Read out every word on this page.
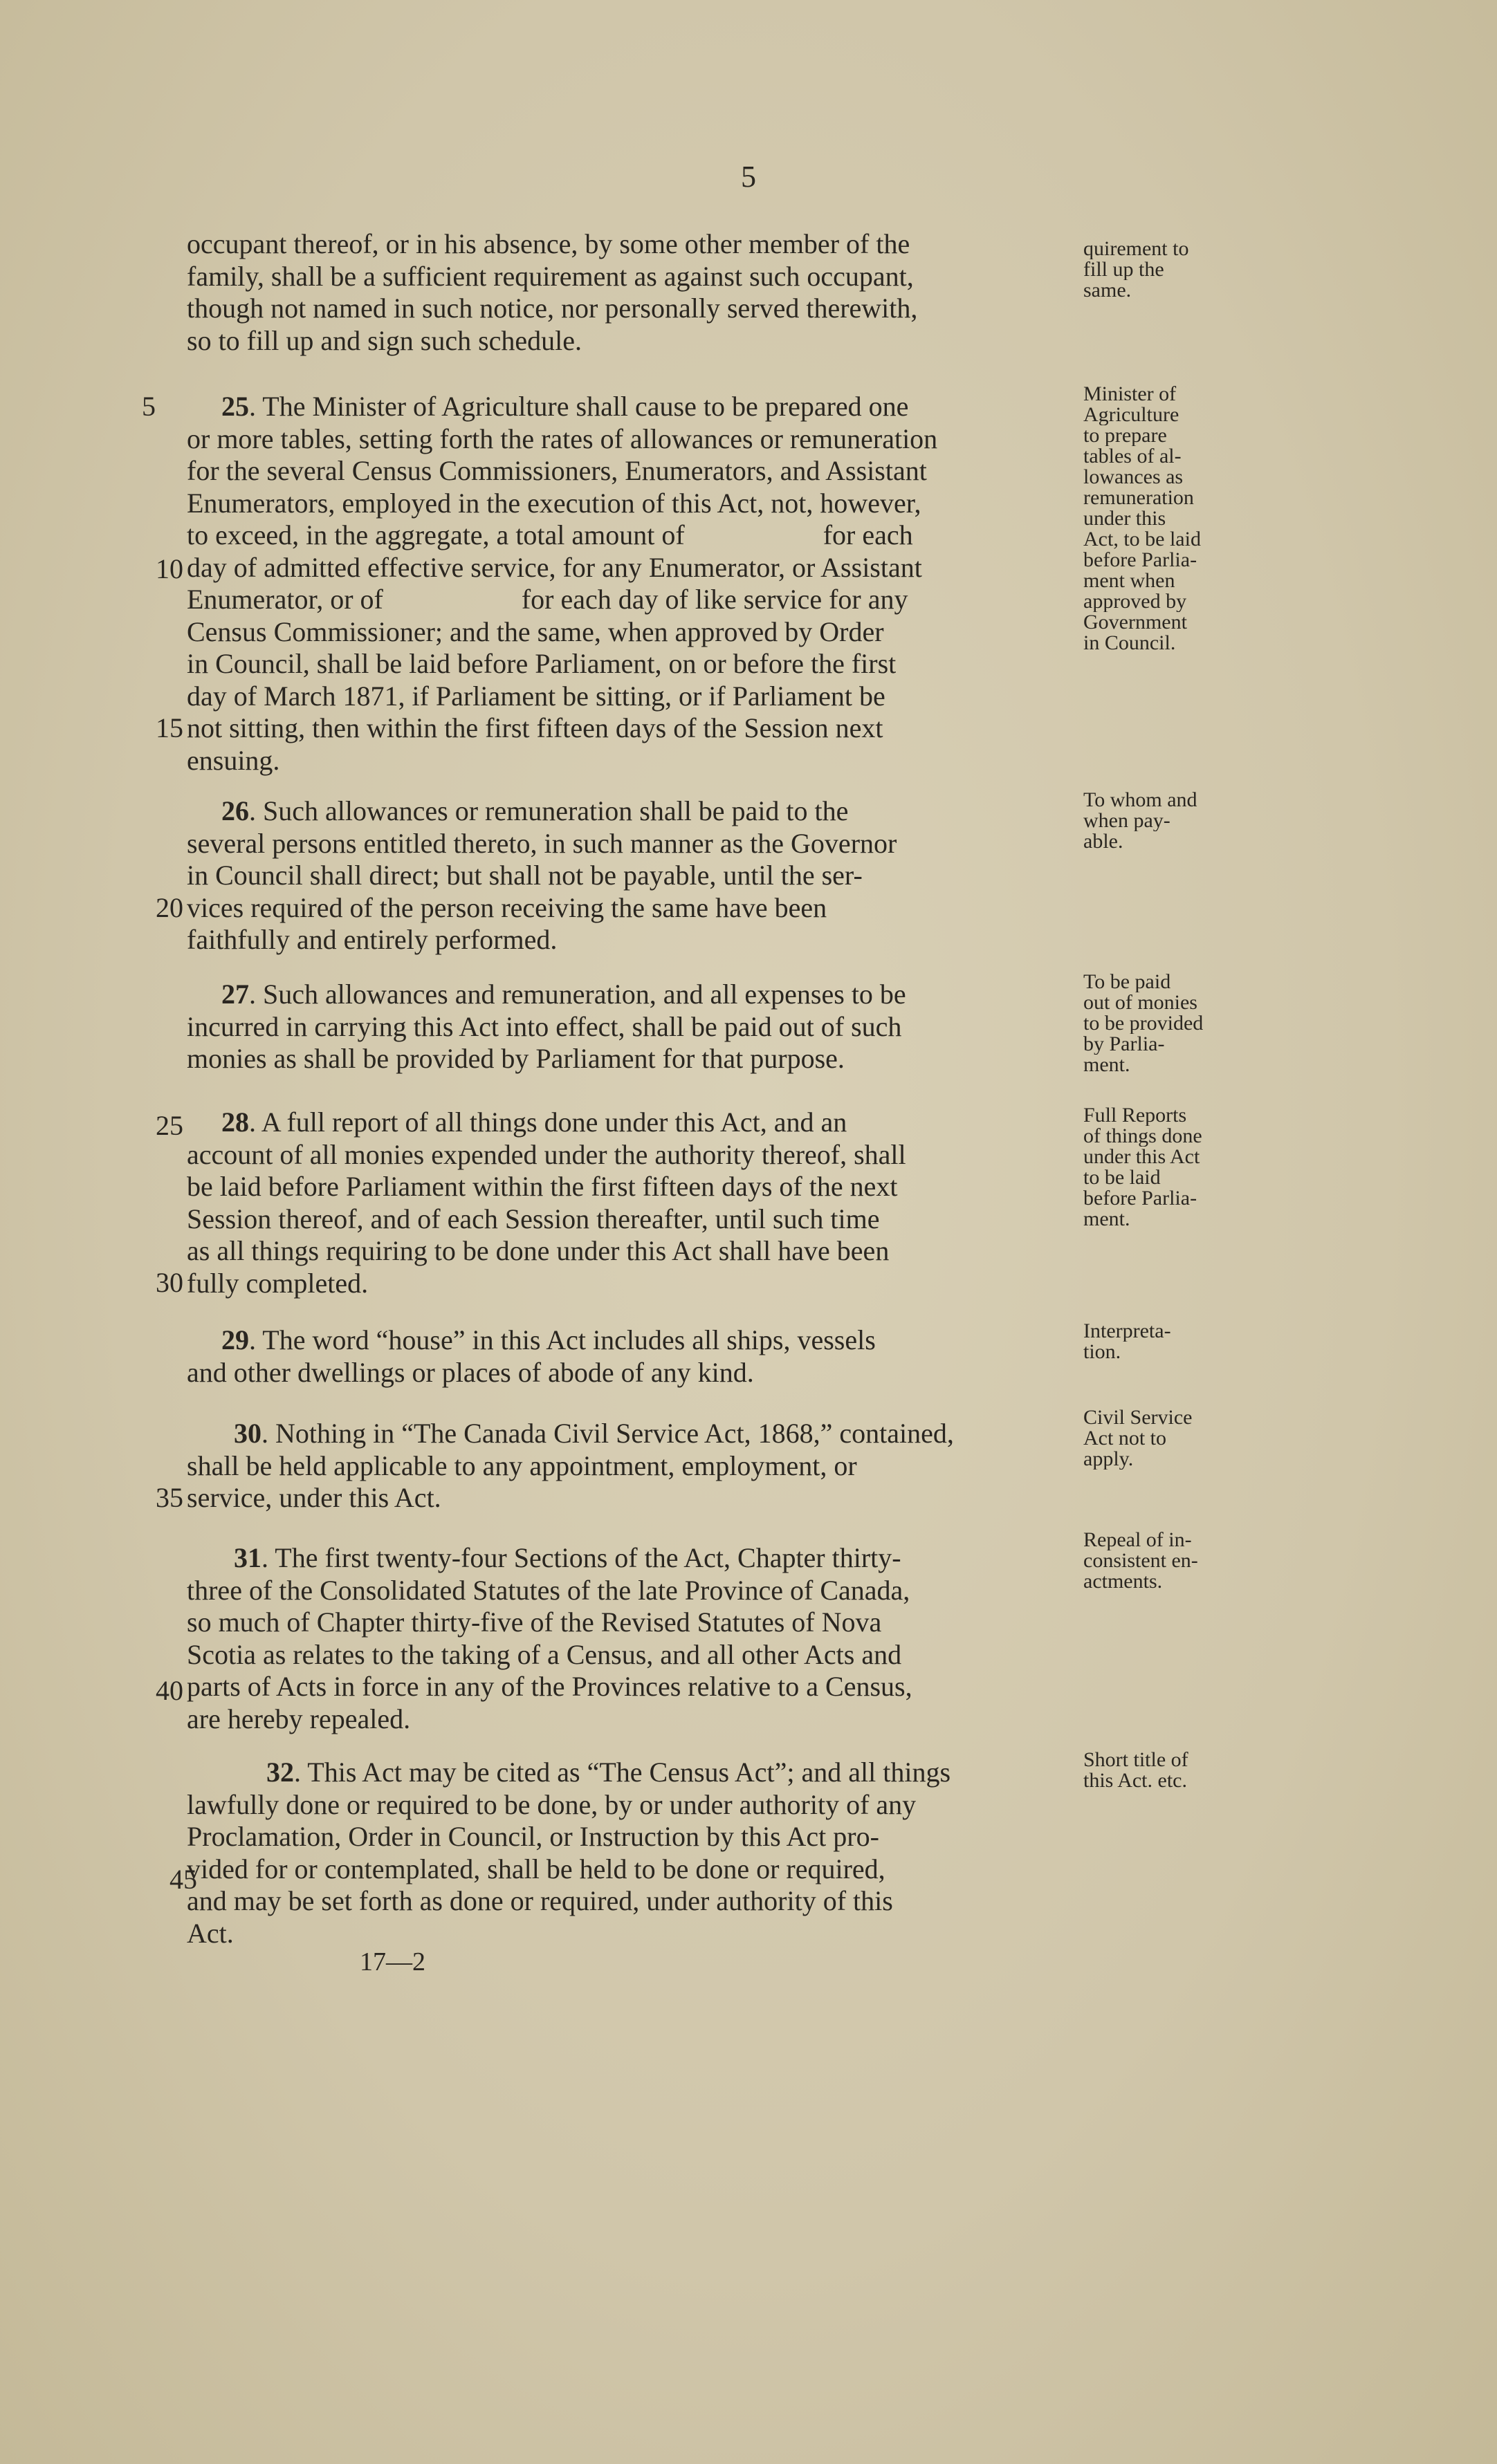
5
occupant thereof, or in his absence, by some other member of the
family, shall be a sufficient requirement as against such occupant,
though not named in such notice, nor personally served therewith,
so to fill up and sign such schedule.
quirement to
fill up the
same.
25. The Minister of Agriculture shall cause to be prepared one
or more tables, setting forth the rates of allowances or remuneration
for the several Census Commissioners, Enumerators, and Assistant
Enumerators, employed in the execution of this Act, not, however,
to exceed, in the aggregate, a total amount of                    for each
day of admitted effective service, for any Enumerator, or Assistant
Enumerator, or of                    for each day of like service for any
Census Commissioner; and the same, when approved by Order
in Council, shall be laid before Parliament, on or before the first
day of March 1871, if Parliament be sitting, or if Parliament be
not sitting, then within the first fifteen days of the Session next
ensuing.
Minister of
Agriculture
to prepare
tables of al-
lowances as
remuneration
under this
Act, to be laid
before Parlia-
ment when
approved by
Government
in Council.
26. Such allowances or remuneration shall be paid to the
several persons entitled thereto, in such manner as the Governor
in Council shall direct; but shall not be payable, until the ser-
vices required of the person receiving the same have been
faithfully and entirely performed.
To whom and
when pay-
able.
27. Such allowances and remuneration, and all expenses to be
incurred in carrying this Act into effect, shall be paid out of such
monies as shall be provided by Parliament for that purpose.
To be paid
out of monies
to be provided
by Parlia-
ment.
28. A full report of all things done under this Act, and an
account of all monies expended under the authority thereof, shall
be laid before Parliament within the first fifteen days of the next
Session thereof, and of each Session thereafter, until such time
as all things requiring to be done under this Act shall have been
fully completed.
Full Reports
of things done
under this Act
to be laid
before Parlia-
ment.
29. The word “house” in this Act includes all ships, vessels
and other dwellings or places of abode of any kind.
Interpreta-
tion.
30. Nothing in “The Canada Civil Service Act, 1868,” contained,
shall be held applicable to any appointment, employment, or
service, under this Act.
Civil Service
Act not to
apply.
31. The first twenty-four Sections of the Act, Chapter thirty-
three of the Consolidated Statutes of the late Province of Canada,
so much of Chapter thirty-five of the Revised Statutes of Nova
Scotia as relates to the taking of a Census, and all other Acts and
parts of Acts in force in any of the Provinces relative to a Census,
are hereby repealed.
Repeal of in-
consistent en-
actments.
32. This Act may be cited as “The Census Act”; and all things
lawfully done or required to be done, by or under authority of any
Proclamation, Order in Council, or Instruction by this Act pro-
vided for or contemplated, shall be held to be done or required,
and may be set forth as done or required, under authority of this
Act.
Short title of
this Act. etc.
5
10
15
20
25
30
35
40
45
17—2
